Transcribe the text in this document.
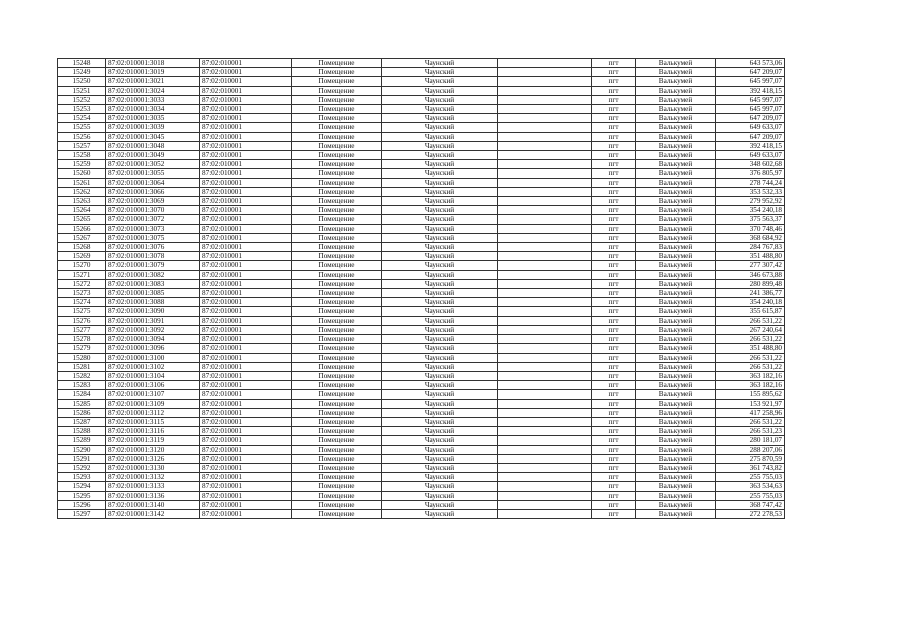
15248	87:02:010001:3018	87:02:010001	Помещение	Чаунский		пгт	Валькумей	643 573,06
15249	87:02:010001:3019	87:02:010001	Помещение	Чаунский		пгт	Валькумей	647 209,07
15250	87:02:010001:3021	87:02:010001	Помещение	Чаунский		пгт	Валькумей	645 997,07
15251	87:02:010001:3024	87:02:010001	Помещение	Чаунский		пгт	Валькумей	392 418,15
15252	87:02:010001:3033	87:02:010001	Помещение	Чаунский		пгт	Валькумей	645 997,07
15253	87:02:010001:3034	87:02:010001	Помещение	Чаунский		пгт	Валькумей	645 997,07
15254	87:02:010001:3035	87:02:010001	Помещение	Чаунский		пгт	Валькумей	647 209,07
15255	87:02:010001:3039	87:02:010001	Помещение	Чаунский		пгт	Валькумей	649 633,07
15256	87:02:010001:3045	87:02:010001	Помещение	Чаунский		пгт	Валькумей	647 209,07
15257	87:02:010001:3048	87:02:010001	Помещение	Чаунский		пгт	Валькумей	392 418,15
15258	87:02:010001:3049	87:02:010001	Помещение	Чаунский		пгт	Валькумей	649 633,07
15259	87:02:010001:3052	87:02:010001	Помещение	Чаунский		пгт	Валькумей	348 602,68
15260	87:02:010001:3055	87:02:010001	Помещение	Чаунский		пгт	Валькумей	376 805,97
15261	87:02:010001:3064	87:02:010001	Помещение	Чаунский		пгт	Валькумей	278 744,24
15262	87:02:010001:3066	87:02:010001	Помещение	Чаунский		пгт	Валькумей	353 532,33
15263	87:02:010001:3069	87:02:010001	Помещение	Чаунский		пгт	Валькумей	279 952,92
15264	87:02:010001:3070	87:02:010001	Помещение	Чаунский		пгт	Валькумей	354 240,18
15265	87:02:010001:3072	87:02:010001	Помещение	Чаунский		пгт	Валькумей	375 563,37
15266	87:02:010001:3073	87:02:010001	Помещение	Чаунский		пгт	Валькумей	370 748,46
15267	87:02:010001:3075	87:02:010001	Помещение	Чаунский		пгт	Валькумей	368 684,92
15268	87:02:010001:3076	87:02:010001	Помещение	Чаунский		пгт	Валькумей	284 767,83
15269	87:02:010001:3078	87:02:010001	Помещение	Чаунский		пгт	Валькумей	351 488,80
15270	87:02:010001:3079	87:02:010001	Помещение	Чаунский		пгт	Валькумей	277 307,42
15271	87:02:010001:3082	87:02:010001	Помещение	Чаунский		пгт	Валькумей	346 673,88
15272	87:02:010001:3083	87:02:010001	Помещение	Чаунский		пгт	Валькумей	280 899,48
15273	87:02:010001:3085	87:02:010001	Помещение	Чаунский		пгт	Валькумей	241 386,77
15274	87:02:010001:3088	87:02:010001	Помещение	Чаунский		пгт	Валькумей	354 240,18
15275	87:02:010001:3090	87:02:010001	Помещение	Чаунский		пгт	Валькумей	355 615,87
15276	87:02:010001:3091	87:02:010001	Помещение	Чаунский		пгт	Валькумей	266 531,22
15277	87:02:010001:3092	87:02:010001	Помещение	Чаунский		пгт	Валькумей	267 240,64
15278	87:02:010001:3094	87:02:010001	Помещение	Чаунский		пгт	Валькумей	266 531,22
15279	87:02:010001:3096	87:02:010001	Помещение	Чаунский		пгт	Валькумей	351 488,80
15280	87:02:010001:3100	87:02:010001	Помещение	Чаунский		пгт	Валькумей	266 531,22
15281	87:02:010001:3102	87:02:010001	Помещение	Чаунский		пгт	Валькумей	266 531,22
15282	87:02:010001:3104	87:02:010001	Помещение	Чаунский		пгт	Валькумей	363 182,16
15283	87:02:010001:3106	87:02:010001	Помещение	Чаунский		пгт	Валькумей	363 182,16
15284	87:02:010001:3107	87:02:010001	Помещение	Чаунский		пгт	Валькумей	155 895,62
15285	87:02:010001:3109	87:02:010001	Помещение	Чаунский		пгт	Валькумей	153 921,97
15286	87:02:010001:3112	87:02:010001	Помещение	Чаунский		пгт	Валькумей	417 258,96
15287	87:02:010001:3115	87:02:010001	Помещение	Чаунский		пгт	Валькумей	266 531,22
15288	87:02:010001:3116	87:02:010001	Помещение	Чаунский		пгт	Валькумей	266 531,23
15289	87:02:010001:3119	87:02:010001	Помещение	Чаунский		пгт	Валькумей	280 181,07
15290	87:02:010001:3120	87:02:010001	Помещение	Чаунский		пгт	Валькумей	288 207,06
15291	87:02:010001:3126	87:02:010001	Помещение	Чаунский		пгт	Валькумей	275 870,59
15292	87:02:010001:3130	87:02:010001	Помещение	Чаунский		пгт	Валькумей	361 743,82
15293	87:02:010001:3132	87:02:010001	Помещение	Чаунский		пгт	Валькумей	255 755,03
15294	87:02:010001:3133	87:02:010001	Помещение	Чаунский		пгт	Валькумей	363 534,63
15295	87:02:010001:3136	87:02:010001	Помещение	Чаунский		пгт	Валькумей	255 755,03
15296	87:02:010001:3140	87:02:010001	Помещение	Чаунский		пгт	Валькумей	368 747,42
15297	87:02:010001:3142	87:02:010001	Помещение	Чаунский		пгт	Валькумей	272 278,53
